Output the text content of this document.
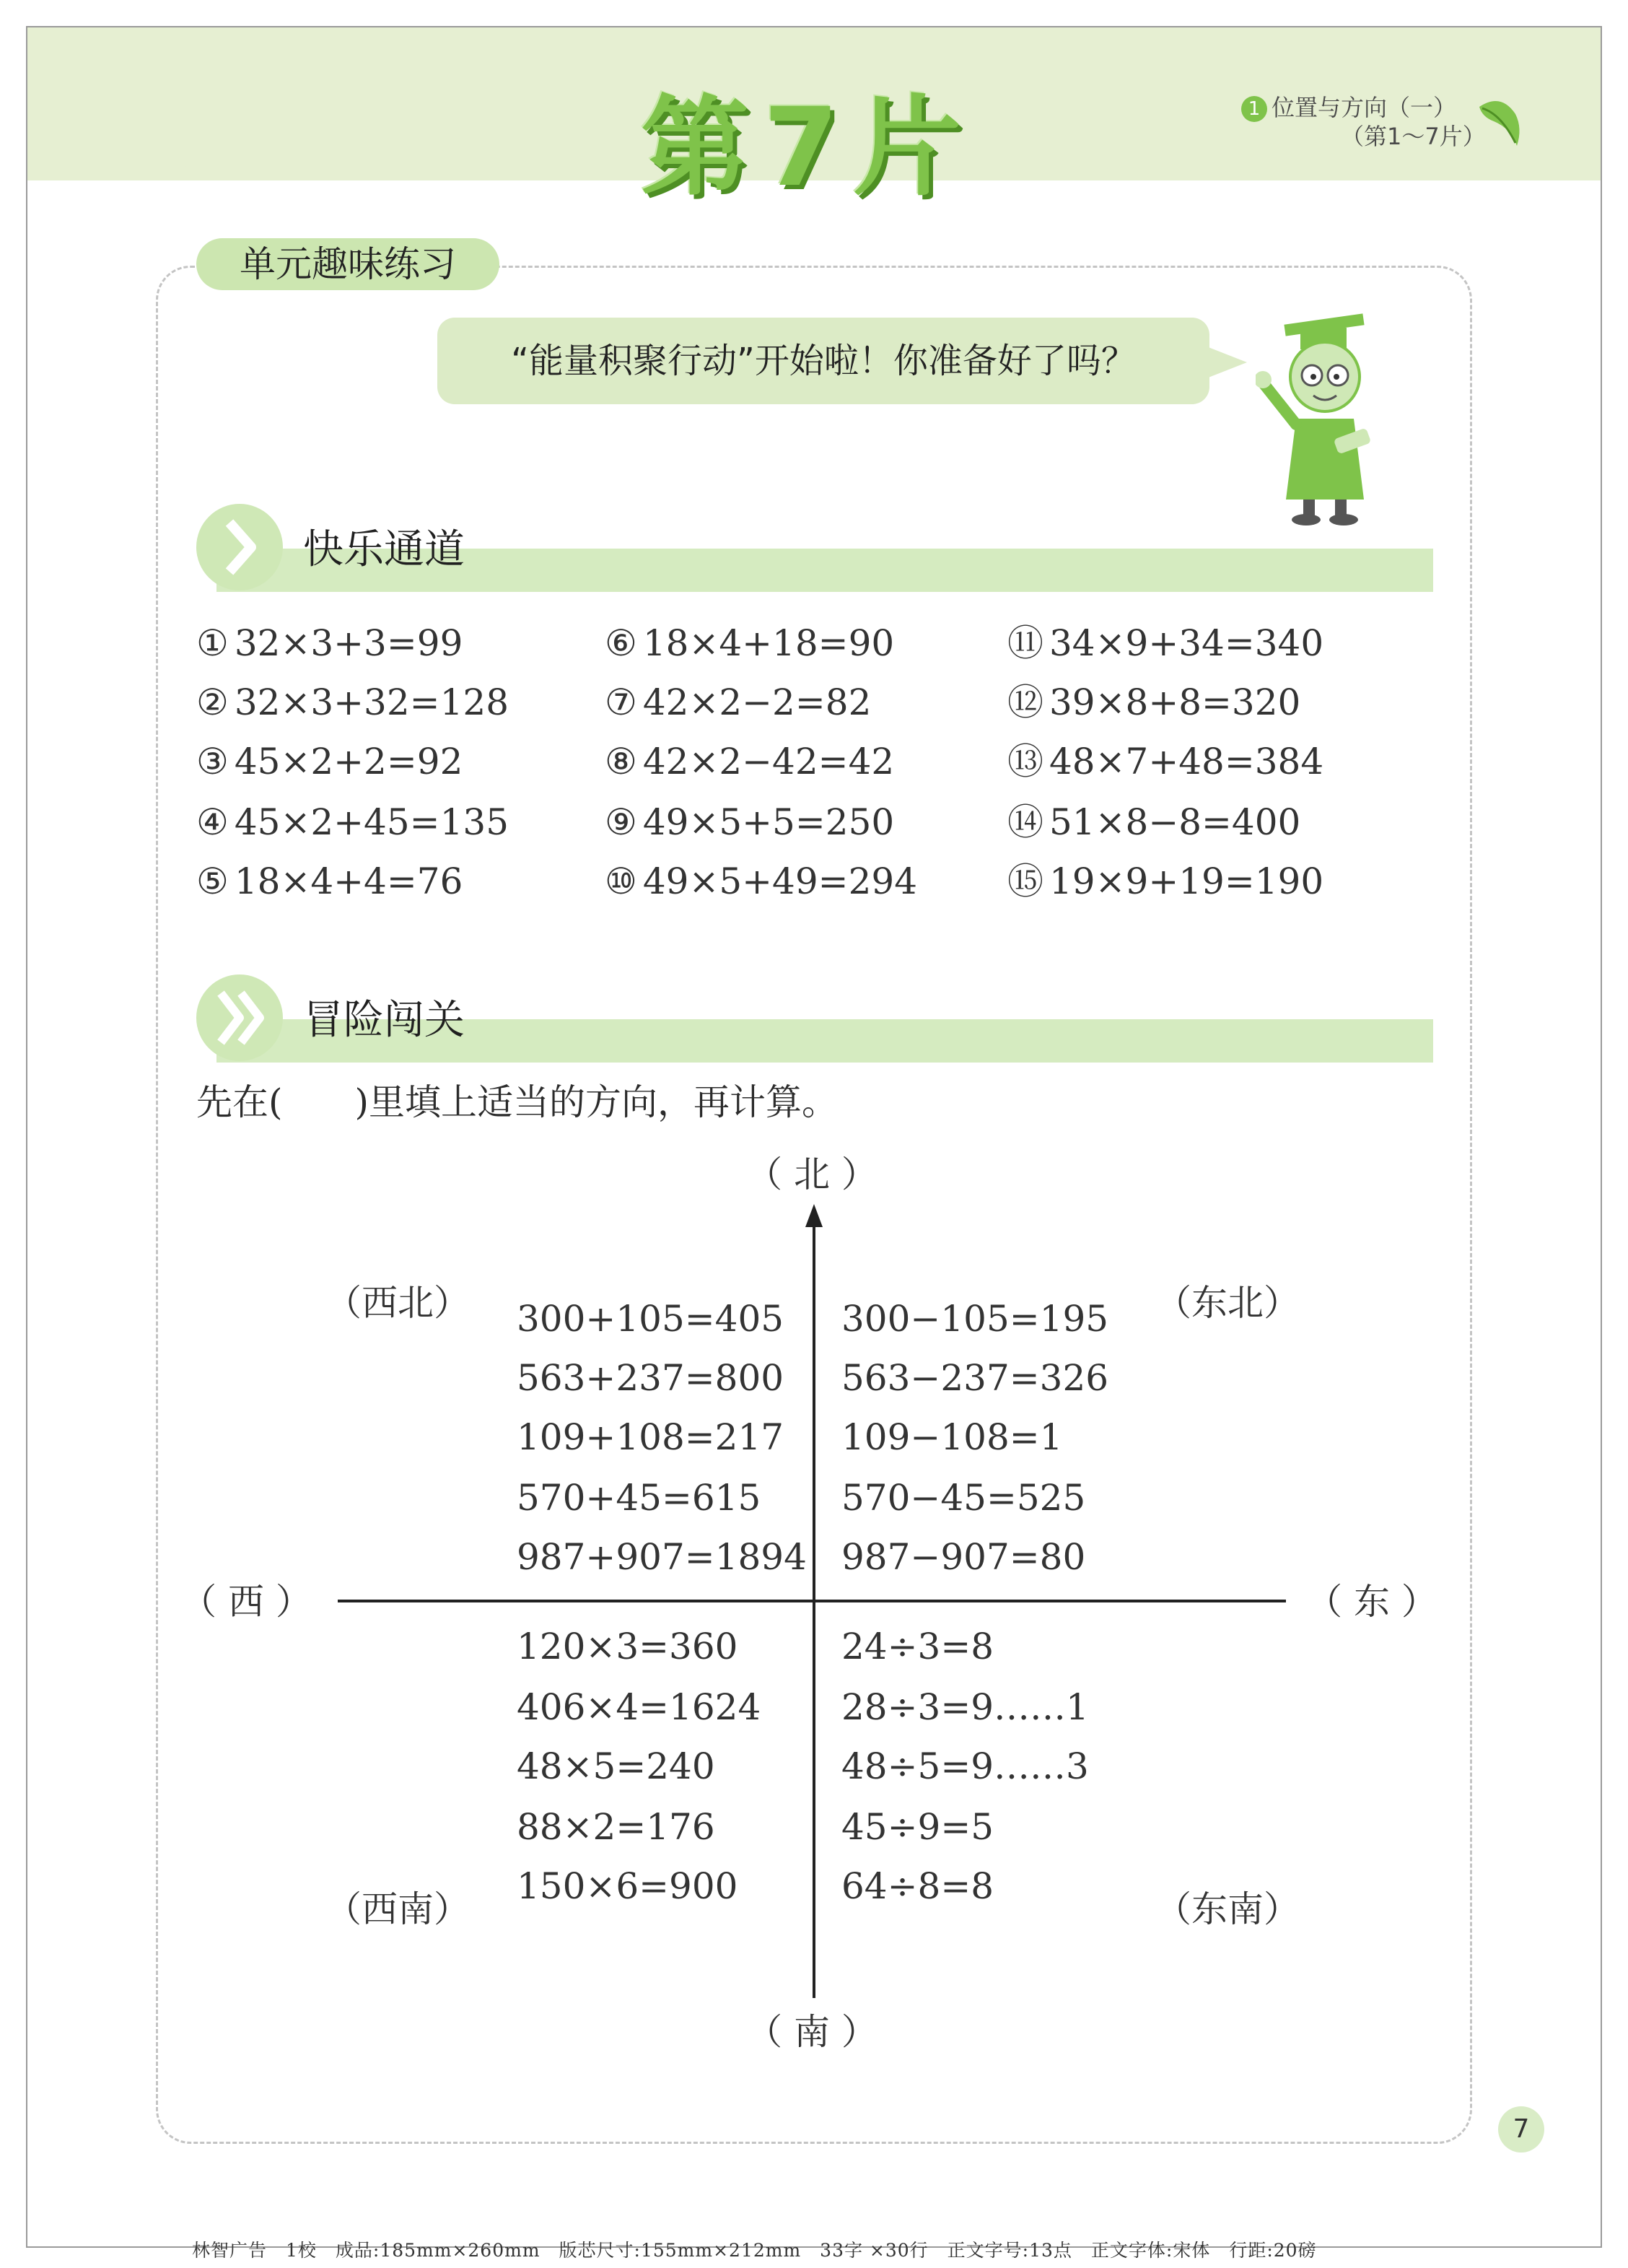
第7片	1 位置与方向（一）
（第1～7片）
单元趣味练习
“能量积聚行动”开始啦！你准备好了吗？
快乐通道
① 32×3+3=99
② 32×3+32=128
③ 45×2+2=92
④ 45×2+45=135
⑤ 18×4+4=76
⑥ 18×4+18=90
⑦ 42×2−2=82
⑧ 42×2−42=42
⑨ 49×5+5=250
⑩ 49×5+49=294
⑪ 34×9+34=340
⑫ 39×8+8=320
⑬ 48×7+48=384
⑭ 51×8−8=400
⑮ 19×9+19=190
冒险闯关
先在(　　)里填上适当的方向，再计算。
（ 北 ）
（ 南 ）
（ 西 ）	（ 东 ）
（西北）	（东北）
（西南）	（东南）
300+105=405
563+237=800
109+108=217
570+45=615
987+907=1894
300−105=195
563−237=326
109−108=1
570−45=525
987−907=80
120×3=360
406×4=1624
48×5=240
88×2=176
150×6=900
24÷3=8
28÷3=9……1
48÷5=9……3
45÷9=5
64÷8=8
7
林智广告　1校　成品:185mm×260mm　版芯尺寸:155mm×212mm　33字 ×30行　正文字号:13点　正文字体:宋体　行距:20磅
